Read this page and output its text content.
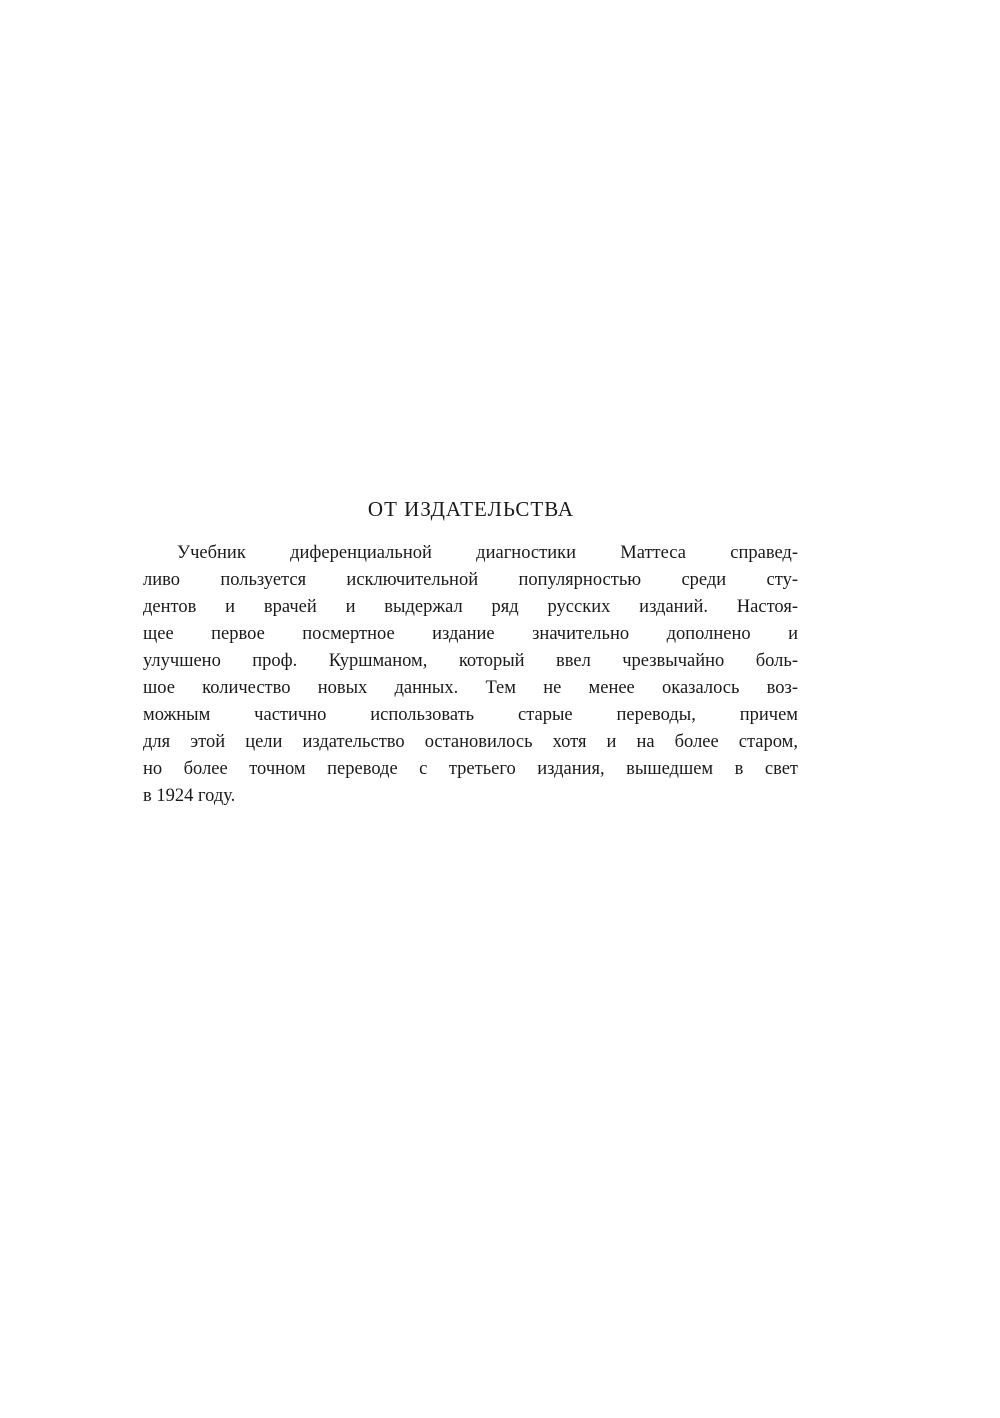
ОТ ИЗДАТЕЛЬСТВА
Учебник диференциальной диагностики Маттеса справед-
ливо пользуется исключительной популярностью среди сту-
дентов и врачей и выдержал ряд русских изданий. Настоя-
щее первое посмертное издание значительно дополнено и
улучшено проф. Куршманом, который ввел чрезвычайно боль-
шое количество новых данных. Тем не менее оказалось воз-
можным частично использовать старые переводы, причем
для этой цели издательство остановилось хотя и на более старом,
но более точном переводе с третьего издания, вышедшем в свет
в 1924 году.
